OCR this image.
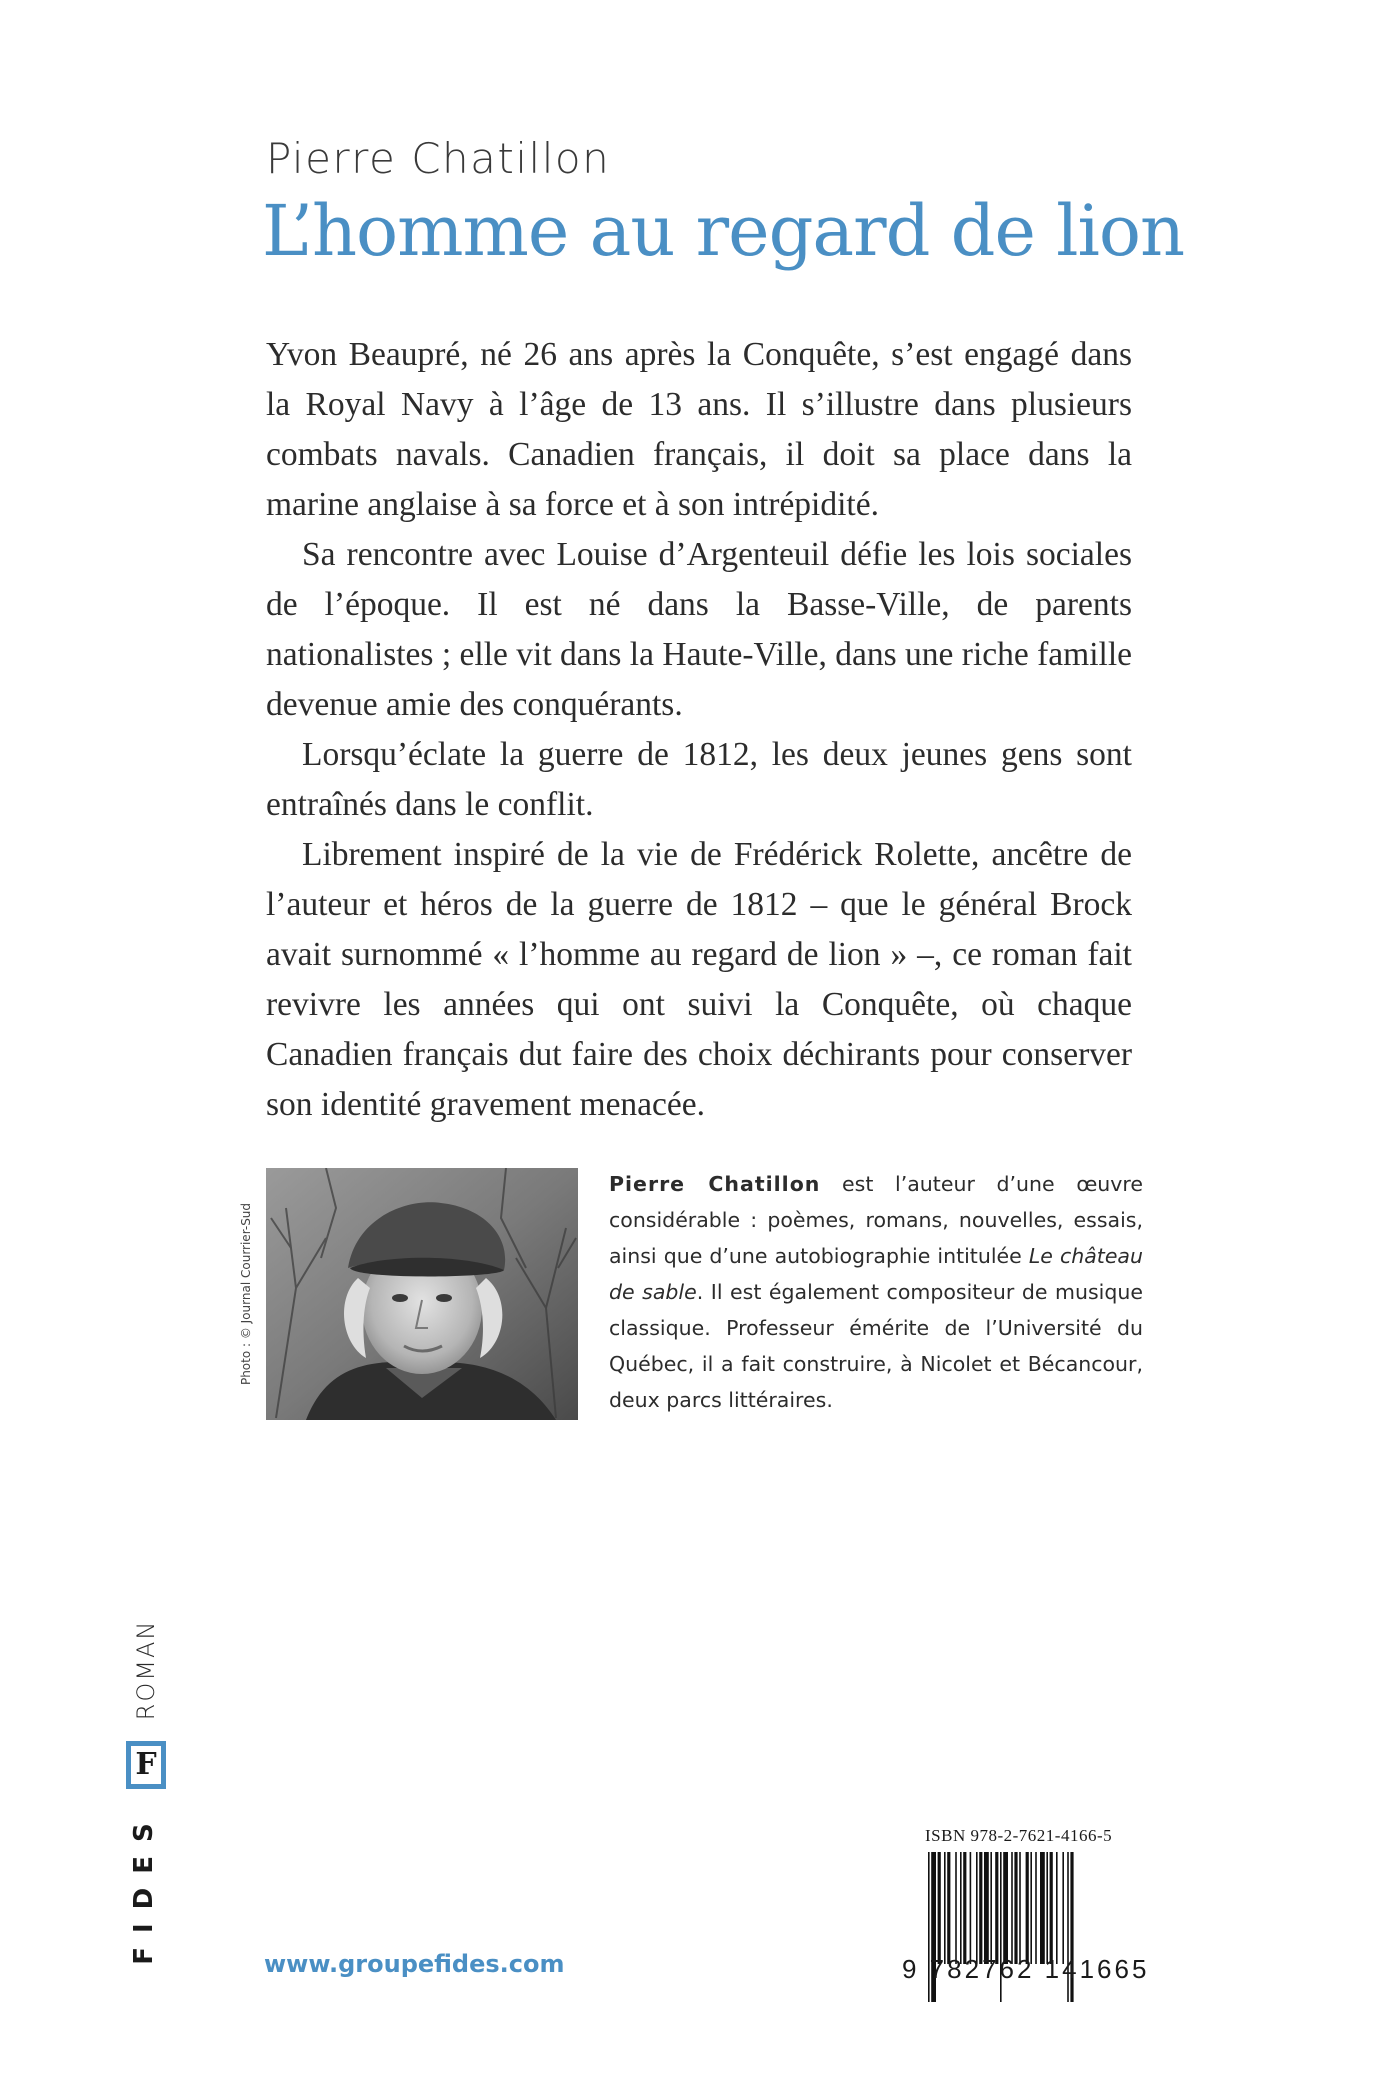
Pierre Chatillon
L’homme au regard de lion

Yvon Beaupré, né 26 ans après la Conquête, s’est engagé dans la Royal Navy à l’âge de 13 ans. Il s’illustre dans plusieurs combats navals. Canadien français, il doit sa place dans la marine anglaise à sa force et à son intrépidité.

Sa rencontre avec Louise d’Argenteuil défie les lois sociales de l’époque. Il est né dans la Basse-Ville, de parents nationalistes ; elle vit dans la Haute-Ville, dans une riche famille devenue amie des conquérants.

Lorsqu’éclate la guerre de 1812, les deux jeunes gens sont entraînés dans le conflit.

Librement inspiré de la vie de Frédérick Rolette, ancêtre de l’auteur et héros de la guerre de 1812 – que le général Brock avait surnommé « l’homme au regard de lion » –, ce roman fait revivre les années qui ont suivi la Conquête, où chaque Canadien français dut faire des choix déchirants pour conserver son identité gravement menacée.

Photo : © Journal Courrier-Sud
Pierre Chatillon est l’auteur d’une œuvre considérable : poèmes, romans, nouvelles, essais, ainsi que d’une autobiographie intitulée Le château de sable. Il est également compositeur de musique classique. Professeur émérite de l’Université du Québec, il a fait construire, à Nicolet et Bécancour, deux parcs littéraires.
ROMAN
F
FIDES	www.groupefides.com
ISBN 978-2-7621-4166-5
9 782762 141665
